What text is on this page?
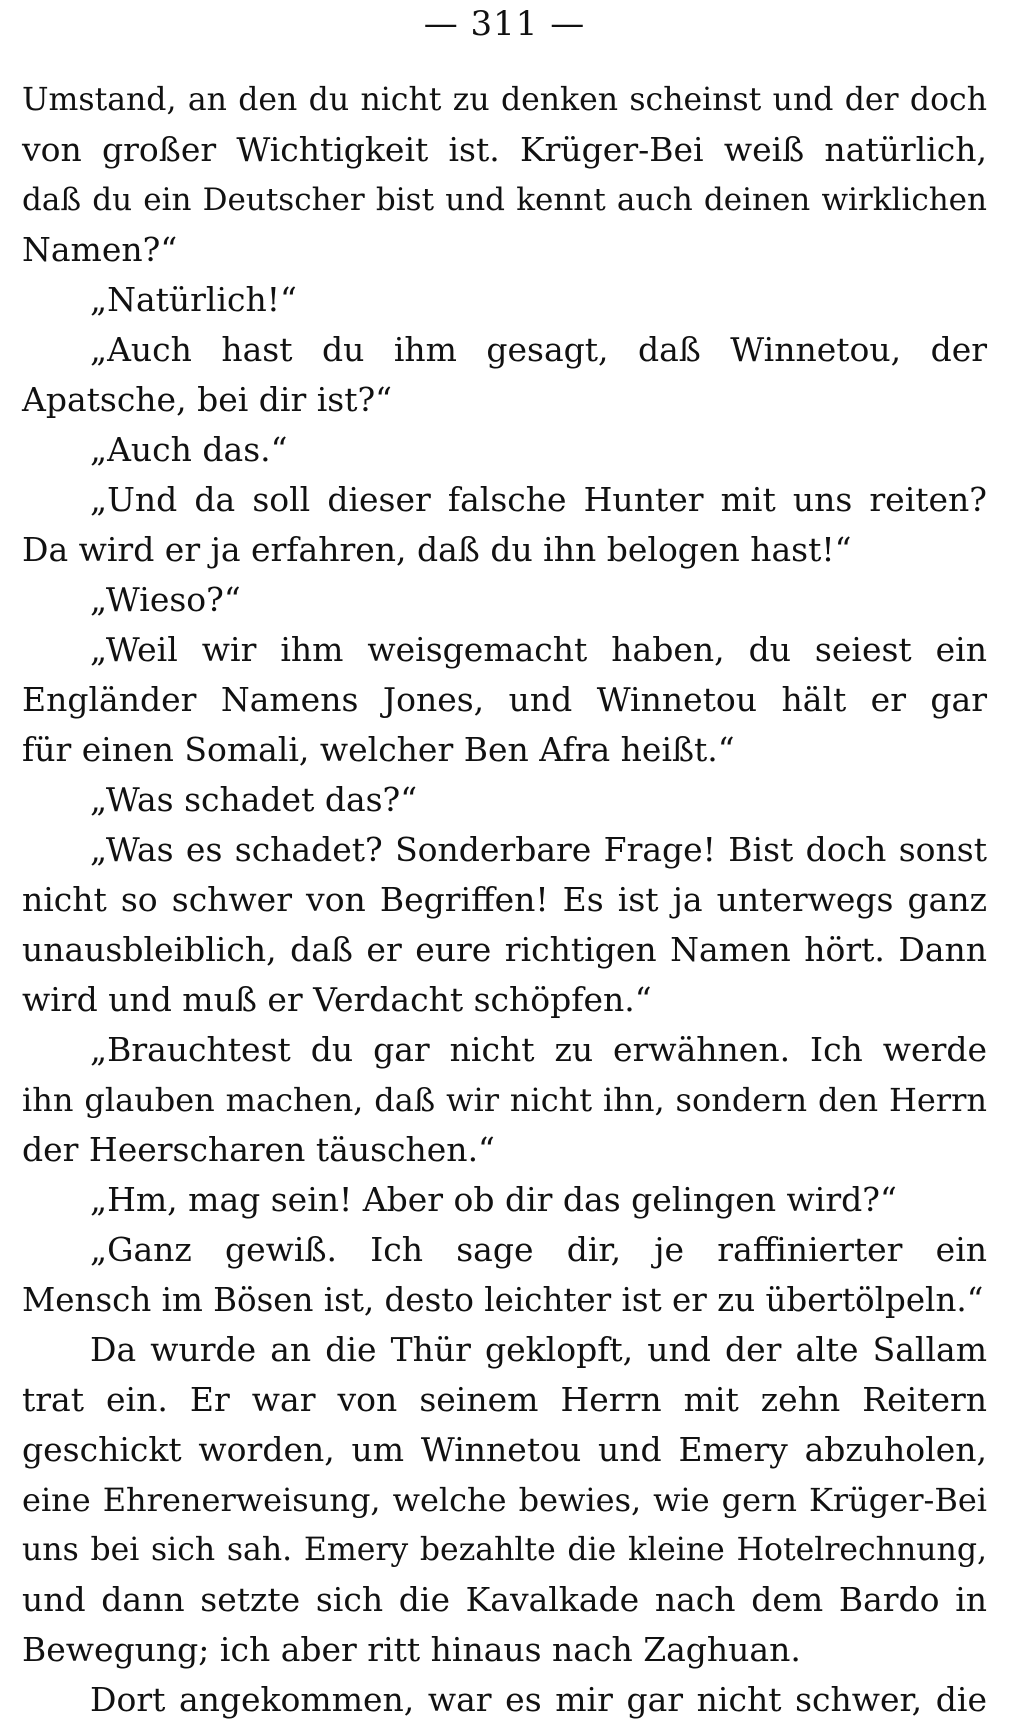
— 311 —
Umstand, an den du nicht zu denken scheinst und der doch
von großer Wichtigkeit ist. Krüger-Bei weiß natürlich,
daß du ein Deutscher bist und kennt auch deinen wirklichen
Namen?“
„Natürlich!“
„Auch hast du ihm gesagt, daß Winnetou, der
Apatsche, bei dir ist?“
„Auch das.“
„Und da soll dieser falsche Hunter mit uns reiten?
Da wird er ja erfahren, daß du ihn belogen hast!“
„Wieso?“
„Weil wir ihm weisgemacht haben, du seiest ein
Engländer Namens Jones, und Winnetou hält er gar
für einen Somali, welcher Ben Afra heißt.“
„Was schadet das?“
„Was es schadet? Sonderbare Frage! Bist doch sonst
nicht so schwer von Begriffen! Es ist ja unterwegs ganz
unausbleiblich, daß er eure richtigen Namen hört. Dann
wird und muß er Verdacht schöpfen.“
„Brauchtest du gar nicht zu erwähnen. Ich werde
ihn glauben machen, daß wir nicht ihn, sondern den Herrn
der Heerscharen täuschen.“
„Hm, mag sein! Aber ob dir das gelingen wird?“
„Ganz gewiß. Ich sage dir, je raffinierter ein
Mensch im Bösen ist, desto leichter ist er zu übertölpeln.“
Da wurde an die Thür geklopft, und der alte Sallam
trat ein. Er war von seinem Herrn mit zehn Reitern
geschickt worden, um Winnetou und Emery abzuholen,
eine Ehrenerweisung, welche bewies, wie gern Krüger-Bei
uns bei sich sah. Emery bezahlte die kleine Hotelrechnung,
und dann setzte sich die Kavalkade nach dem Bardo in
Bewegung; ich aber ritt hinaus nach Zaghuan.
Dort angekommen, war es mir gar nicht schwer, die
